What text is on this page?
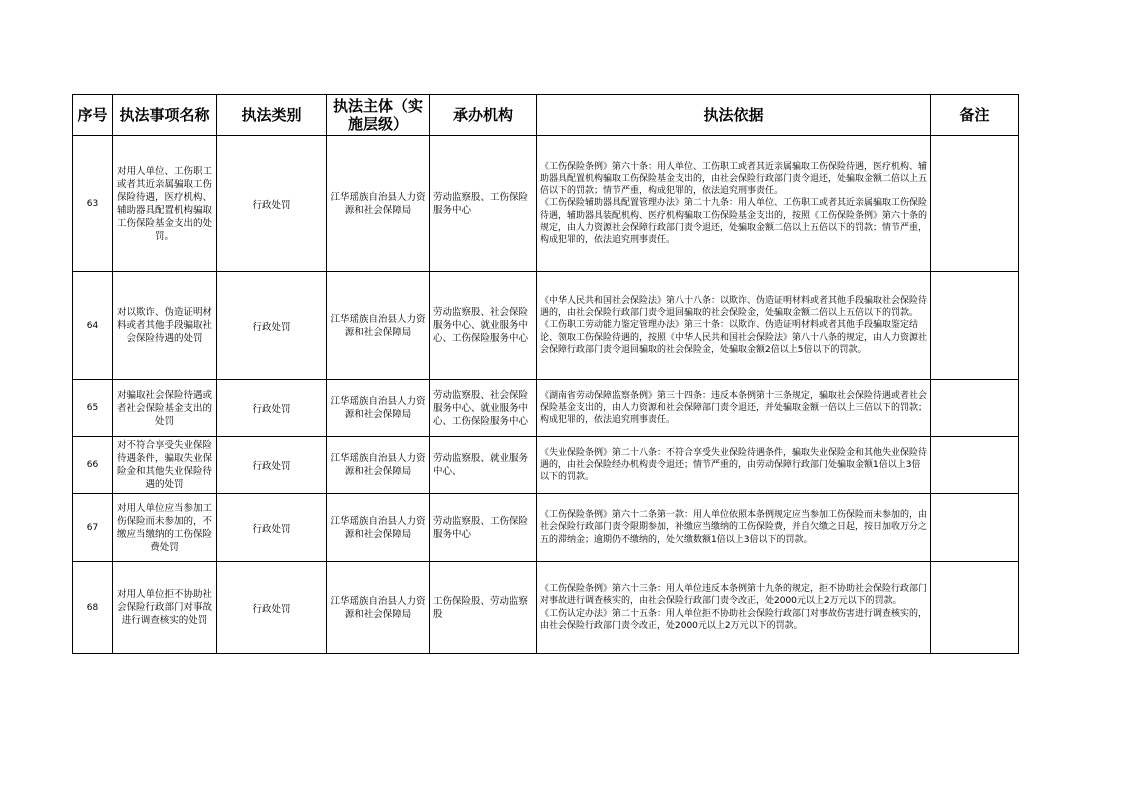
序号	执法事项名称	执法类别	执法主体（实施层级）	承办机构	执法依据	备注
63	对用人单位、工伤职工或者其近亲属骗取工伤保险待遇，医疗机构、辅助器具配置机构骗取工伤保险基金支出的处罚。	行政处罚	江华瑶族自治县人力资源和社会保障局	劳动监察股、工伤保险服务中心	《工伤保险条例》第六十条：用人单位、工伤职工或者其近亲属骗取工伤保险待遇，医疗机构、辅助器具配置机构骗取工伤保险基金支出的，由社会保险行政部门责令退还，处骗取金额二倍以上五倍以下的罚款；情节严重，构成犯罪的，依法追究刑事责任。

《工伤保险辅助器具配置管理办法》第二十九条：用人单位、工伤职工或者其近亲属骗取工伤保险待遇，辅助器具装配机构、医疗机构骗取工伤保险基金支出的，按照《工伤保险条例》第六十条的规定，由人力资源社会保障行政部门责令退还，处骗取金额二倍以上五倍以下的罚款；情节严重，构成犯罪的，依法追究刑事责任。	

64	对以欺诈、伪造证明材料或者其他手段骗取社会保险待遇的处罚	行政处罚	江华瑶族自治县人力资源和社会保障局	劳动监察股、社会保险服务中心、就业服务中心、工伤保险服务中心	《中华人民共和国社会保险法》第八十八条：以欺诈、伪造证明材料或者其他手段骗取社会保险待遇的，由社会保险行政部门责令退回骗取的社会保险金，处骗取金额二倍以上五倍以下的罚款。

《工伤职工劳动能力鉴定管理办法》第三十条：以欺诈、伪造证明材料或者其他手段骗取鉴定结论、领取工伤保险待遇的，按照《中华人民共和国社会保险法》第八十八条的规定，由人力资源社会保障行政部门责令退回骗取的社会保险金，处骗取金额2倍以上5倍以下的罚款。	

65	对骗取社会保险待遇或者社会保险基金支出的处罚	行政处罚	江华瑶族自治县人力资源和社会保障局	劳动监察股、社会保险服务中心、就业服务中心、工伤保险服务中心	《湖南省劳动保障监察条例》第三十四条：违反本条例第十三条规定，骗取社会保险待遇或者社会保险基金支出的，由人力资源和社会保障部门责令退还，并处骗取金额一倍以上三倍以下的罚款；构成犯罪的，依法追究刑事责任。	

66	对不符合享受失业保险待遇条件，骗取失业保险金和其他失业保险待遇的处罚	行政处罚	江华瑶族自治县人力资源和社会保障局	劳动监察股、就业服务中心、	《失业保险条例》第二十八条：不符合享受失业保险待遇条件，骗取失业保险金和其他失业保险待遇的，由社会保险经办机构责令退还；情节严重的，由劳动保障行政部门处骗取金额1倍以上3倍以下的罚款。	

67	对用人单位应当参加工伤保险而未参加的，不缴应当缴纳的工伤保险费处罚	行政处罚	江华瑶族自治县人力资源和社会保障局	劳动监察股、工伤保险服务中心	《工伤保险条例》第六十二条第一款：用人单位依照本条例规定应当参加工伤保险而未参加的，由社会保险行政部门责令限期参加，补缴应当缴纳的工伤保险费，并自欠缴之日起，按日加收万分之五的滞纳金；逾期仍不缴纳的，处欠缴数额1倍以上3倍以下的罚款。	

68	对用人单位拒不协助社会保险行政部门对事故进行调查核实的处罚	行政处罚	江华瑶族自治县人力资源和社会保障局	工伤保险股、劳动监察股	《工伤保险条例》第六十三条：用人单位违反本条例第十九条的规定，拒不协助社会保险行政部门对事故进行调查核实的，由社会保险行政部门责令改正，处2000元以上2万元以下的罚款。

《工伤认定办法》第二十五条：用人单位拒不协助社会保险行政部门对事故伤害进行调查核实的，由社会保险行政部门责令改正，处2000元以上2万元以下的罚款。	
